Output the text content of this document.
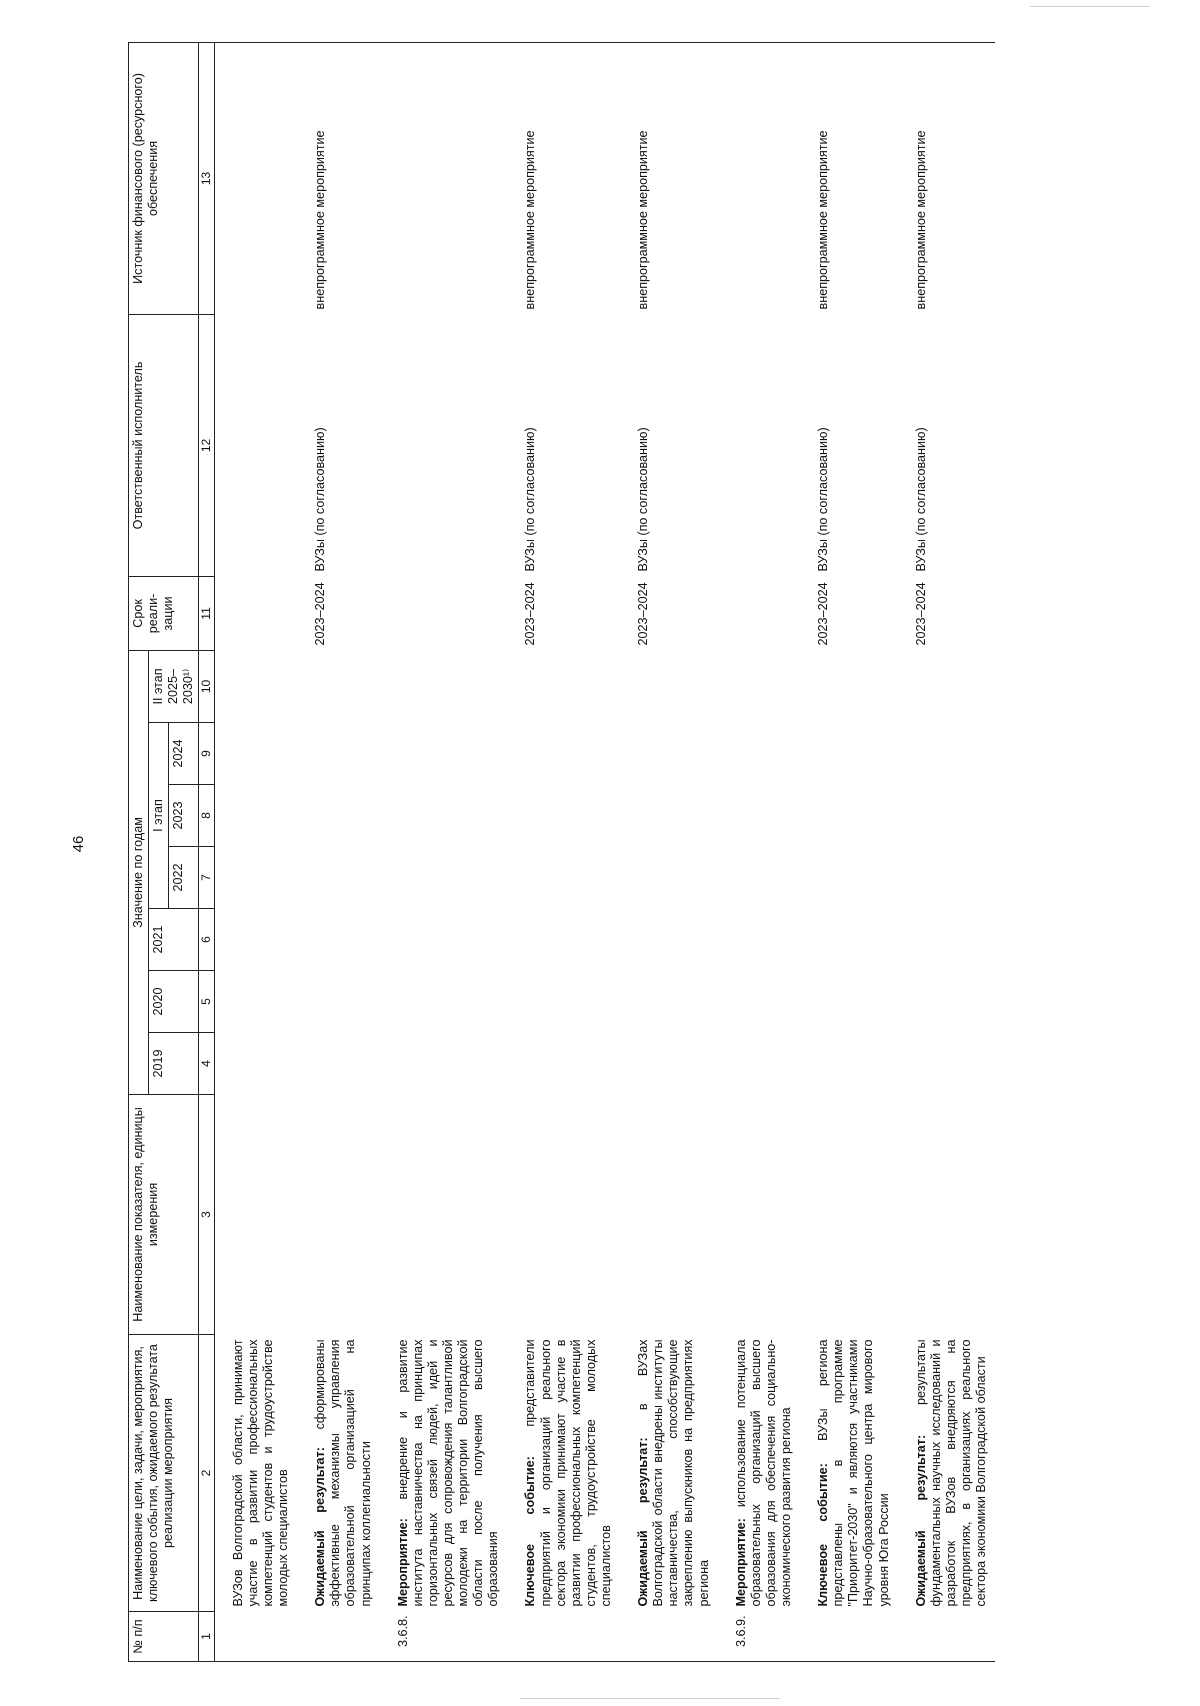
46
№ п/п	Наименование цели, задачи, мероприятия, ключевого события, ожидаемого результата реализации мероприятия	Наименование показателя, единицы измерения	Значение по годам							Срок реали-зации	Ответственный исполнитель	Источник финансового (ресурсного) обеспечения
			2019	2020	2021	I этап			II этап 2025–2030¹⁾			
						2022	2023	2024				

1	2	3	4	5	6	7	8	9	10	11	12	13
	ВУЗов Волгоградской области, принимают участие в развитии профессиональных компетенций студентов и трудоустройстве молодых специалистов											
	Ожидаемый результат: сформированы эффективные механизмы управления образовательной организацией на принципах коллегиальности									2023–2024	ВУЗы (по согласованию)	внепрограммное мероприятие
3.6.8.	Мероприятие: внедрение и развитие института наставничества на принципах горизонтальных связей людей, идей и ресурсов для сопровождения талантливой молодежи на территории Волгоградской области после получения высшего образования											
	Ключевое событие: представители предприятий и организаций реального сектора экономики принимают участие в развитии профессиональных компетенций студентов, трудоустройстве молодых специалистов									2023–2024	ВУЗы (по согласованию)	внепрограммное мероприятие
	Ожидаемый результат: в ВУЗах Волгоградской области внедрены институты наставничества, способствующие закреплению выпускников на предприятиях региона									2023–2024	ВУЗы (по согласованию)	внепрограммное мероприятие
3.6.9.	Мероприятие: использование потенциала образовательных организаций высшего образования для обеспечения социально-экономического развития региона											
	Ключевое событие: ВУЗы региона представлены в программе "Приоритет-2030" и являются участниками Научно-образовательного центра мирового уровня Юга России									2023–2024	ВУЗы (по согласованию)	внепрограммное мероприятие
	Ожидаемый результат: результаты фундаментальных научных исследований и разработок ВУЗов внедряются на предприятиях, в организациях реального сектора экономики Волгоградской области									2023–2024	ВУЗы (по согласованию)	внепрограммное мероприятие
